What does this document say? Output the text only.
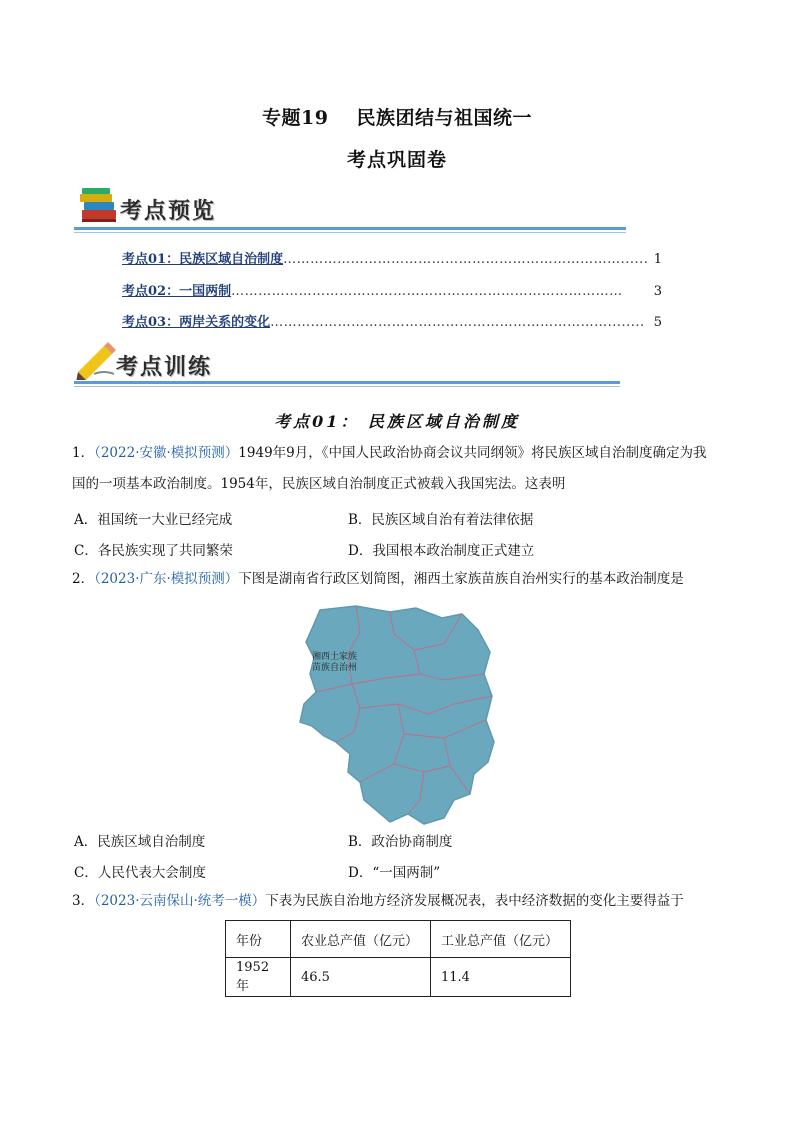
专题19 民族团结与祖国统一
考点巩固卷
考点预览
考点01：民族区域自治制度 …………………………………………………………………...... 1
考点02：一国两制 ……………………………………………………………………………	3
考点03：两岸关系的变化 …………………………………………………………………........ 5
考点训练
考点01： 民族区域自治制度
1．（2022·安徽·模拟预测）1949年9月，《中国人民政治协商会议共同纲领》将民族区域自治制度确定为我
国的一项基本政治制度。1954年，民族区域自治制度正式被载入我国宪法。这表明
A．祖国统一大业已经完成	B．民族区域自治有着法律依据
C．各民族实现了共同繁荣	D．我国根本政治制度正式建立
2．（2023·广东·模拟预测）下图是湖南省行政区划简图，湘西土家族苗族自治州实行的基本政治制度是
湘西土家族
苗族自治州
A．民族区域自治制度	B．政治协商制度
C．人民代表大会制度	D．“一国两制”
3．（2023·云南保山·统考一模）下表为民族自治地方经济发展概况表，表中经济数据的变化主要得益于
年份	农业总产值（亿元）	工业总产值（亿元）
1952年	46.5	11.4
